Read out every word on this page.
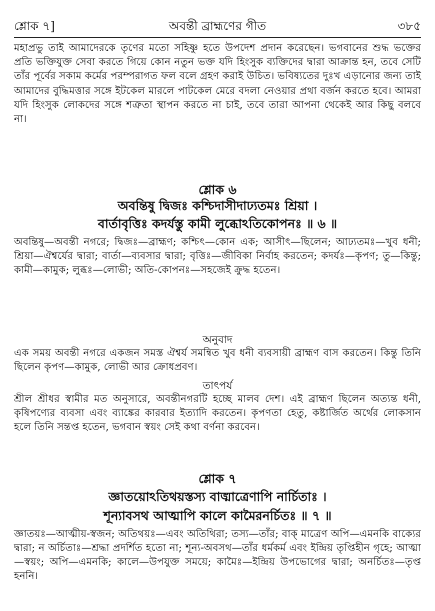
শ্লোক ৭]	অবন্তী ব্রাহ্মণের গীত	৩৮৫
মহাপ্রভু তাই আমাদেরকে তৃণের মতো সহিষ্ণু হতে উপদেশ প্রদান করেছেন। ভগবানের শুদ্ধ ভক্তের প্রতি ভক্তিযুক্ত সেবা করতে গিয়ে কোন নতুন ভক্ত যদি হিংসুক ব্যক্তিদের দ্বারা আক্রান্ত হন, তবে সেটি তাঁর পূর্বের সকাম কর্মের পরম্পরাগত ফল বলে গ্রহণ করাই উচিত। ভবিষ্যতের দুঃখ এড়ানোর জন্য তাই আমাদের বুদ্ধিমত্তার সঙ্গে ইটকেল মারলে পাটকেল মেরে বদলা নেওয়ার প্রথা বর্জন করতে হবে। আমরা যদি হিংসুক লোকদের সঙ্গে শত্রুতা স্থাপন করতে না চাই, তবে তারা আপনা থেকেই আর কিছু বলবে না।
শ্লোক ৬
অবন্তিষু দ্বিজঃ কশ্চিদাসীদাঢ্যতমঃ শ্রিয়া ।
বার্তাবৃত্তিঃ কদর্যস্তু কামী লুব্ধোঽতিকোপনঃ ॥ ৬ ॥
অবন্তিষু—অবন্তী নগরে; দ্বিজঃ—ব্রাহ্মণ; কশ্চিৎ—কোন এক; আসীৎ—ছিলেন; আঢ্যতমঃ—খুব ধনী; শ্রিয়া—ঐশ্বর্যের দ্বারা; বার্তা—ব্যবসার দ্বারা; বৃত্তিঃ—জীবিকা নির্বাহ করতেন; কদর্যঃ—কৃপণ; তু—কিন্তু; কামী—কামুক; লুব্ধঃ—লোভী; অতি-কোপনঃ—সহজেই ক্রুদ্ধ হতেন।
অনুবাদ
এক সময় অবন্তী নগরে একজন সমস্ত ঐশ্বর্য সমন্বিত খুব ধনী ব্যবসায়ী ব্রাহ্মণ বাস করতেন। কিন্তু তিনি ছিলেন কৃপণ—কামুক, লোভী আর ক্রোধপ্রবণ।
তাৎপর্য
শ্রীল শ্রীধর স্বামীর মত অনুসারে, অবন্তীনগরটি হচ্ছে মালব দেশ। এই ব্রাহ্মণ ছিলেন অত্যন্ত ধনী, কৃষিপণ্যের ব্যবসা এবং ব্যাঙ্কের কারবার ইত্যাদি করতেন। কৃপণতা হেতু, কষ্টার্জিত অর্থের লোকসান হলে তিনি সন্তপ্ত হতেন, ভগবান স্বয়ং সেই কথা বর্ণনা করবেন।
শ্লোক ৭
জ্ঞাতয়োঽতিথয়স্তস্য বাঙ্মাত্রেণাপি নার্চিতাঃ ।
শূন্যাবসথ আত্মাপি কালে কামৈরনর্চিতঃ ॥ ৭ ॥
জ্ঞাতয়ঃ—আত্মীয়-স্বজন; অতিথয়ঃ—এবং অতিথিরা; তস্য—তাঁর; বাক্ মাত্রেণ অপি—এমনকি বাক্যের দ্বারা; ন অর্চিতাঃ—শ্রদ্ধা প্রদর্শিত হতো না; শূন্য-অবসথ—তাঁর ধর্মকর্ম এবং ইন্দ্রিয় তৃপ্তিহীন গৃহে; আত্মা—স্বয়ং; অপি—এমনকি; কালে—উপযুক্ত সময়ে; কামৈঃ—ইন্দ্রিয় উপভোগের দ্বারা; অনর্চিতঃ—তৃপ্ত হননি।
